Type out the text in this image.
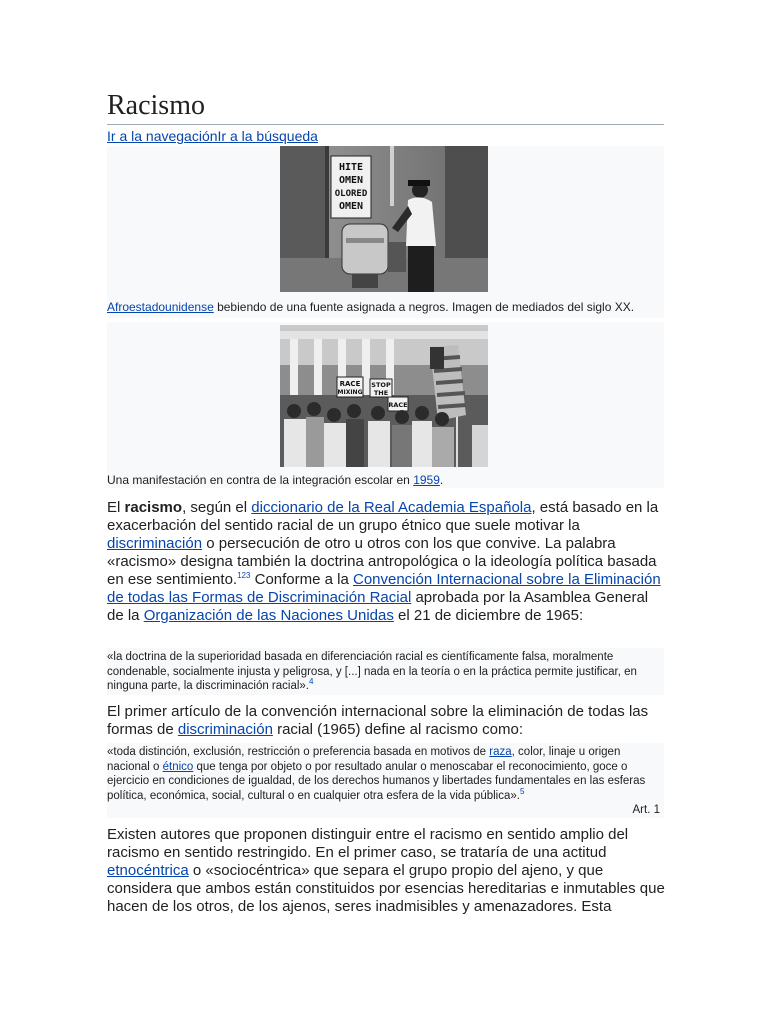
Racismo
Ir a la navegaciónIr a la búsqueda
HITE
OMEN
OLORED
OMEN
Afroestadounidense bebiendo de una fuente asignada a negros. Imagen de mediados del siglo XX.
RACE
MIXING
STOP
THE
RACE
Una manifestación en contra de la integración escolar en 1959.

El racismo, según el diccionario de la Real Academia Española, está basado en la exacerbación del sentido racial de un grupo étnico que suele motivar la discriminación o persecución de otro u otros con los que convive. La palabra «racismo» designa también la doctrina antropológica o la ideología política basada en ese sentimiento.$^{123}$ Conforme a la Convención Internacional sobre la Eliminación de todas las Formas de Discriminación Racial aprobada por la Asamblea General de la Organización de las Naciones Unidas el 21 de diciembre de 1965:

«la doctrina de la superioridad basada en diferenciación racial es científicamente falsa, moralmente condenable, socialmente injusta y peligrosa, y [...] nada en la teoría o en la práctica permite justificar, en ninguna parte, la discriminación racial».$^4$

El primer artículo de la convención internacional sobre la eliminación de todas las formas de discriminación racial (1965) define al racismo como:

«toda distinción, exclusión, restricción o preferencia basada en motivos de raza, color, linaje u origen nacional o étnico que tenga por objeto o por resultado anular o menoscabar el reconocimiento, goce o ejercicio en condiciones de igualdad, de los derechos humanos y libertades fundamentales en las esferas política, económica, social, cultural o en cualquier otra esfera de la vida pública».$^5$
Art. 1

Existen autores que proponen distinguir entre el racismo en sentido amplio del racismo en sentido restringido. En el primer caso, se trataría de una actitud etnocéntrica o «sociocéntrica» que separa el grupo propio del ajeno, y que considera que ambos están constituidos por esencias hereditarias e inmutables que hacen de los otros, de los ajenos, seres inadmisibles y amenazadores. Esta
